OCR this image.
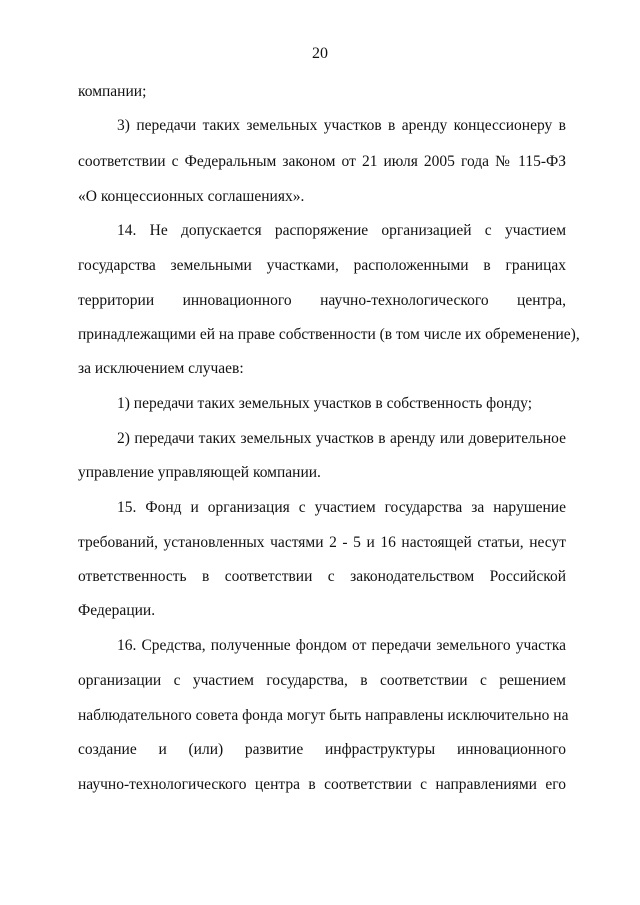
20
компании;
3) передачи таких земельных участков в аренду концессионеру в
соответствии с Федеральным законом от 21 июля 2005 года № 115-ФЗ
«О концессионных соглашениях».
14. Не допускается распоряжение организацией с участием
государства земельными участками, расположенными в границах
территории инновационного научно-технологического центра,
принадлежащими ей на праве собственности (в том числе их обременение),
за исключением случаев:
1) передачи таких земельных участков в собственность фонду;
2) передачи таких земельных участков в аренду или доверительное
управление управляющей компании.
15. Фонд и организация с участием государства за нарушение
требований, установленных частями 2 - 5 и 16 настоящей статьи, несут
ответственность в соответствии с законодательством Российской
Федерации.
16. Средства, полученные фондом от передачи земельного участка
организации с участием государства, в соответствии с решением
наблюдательного совета фонда могут быть направлены исключительно на
создание и (или) развитие инфраструктуры инновационного
научно-технологического центра в соответствии с направлениями его
